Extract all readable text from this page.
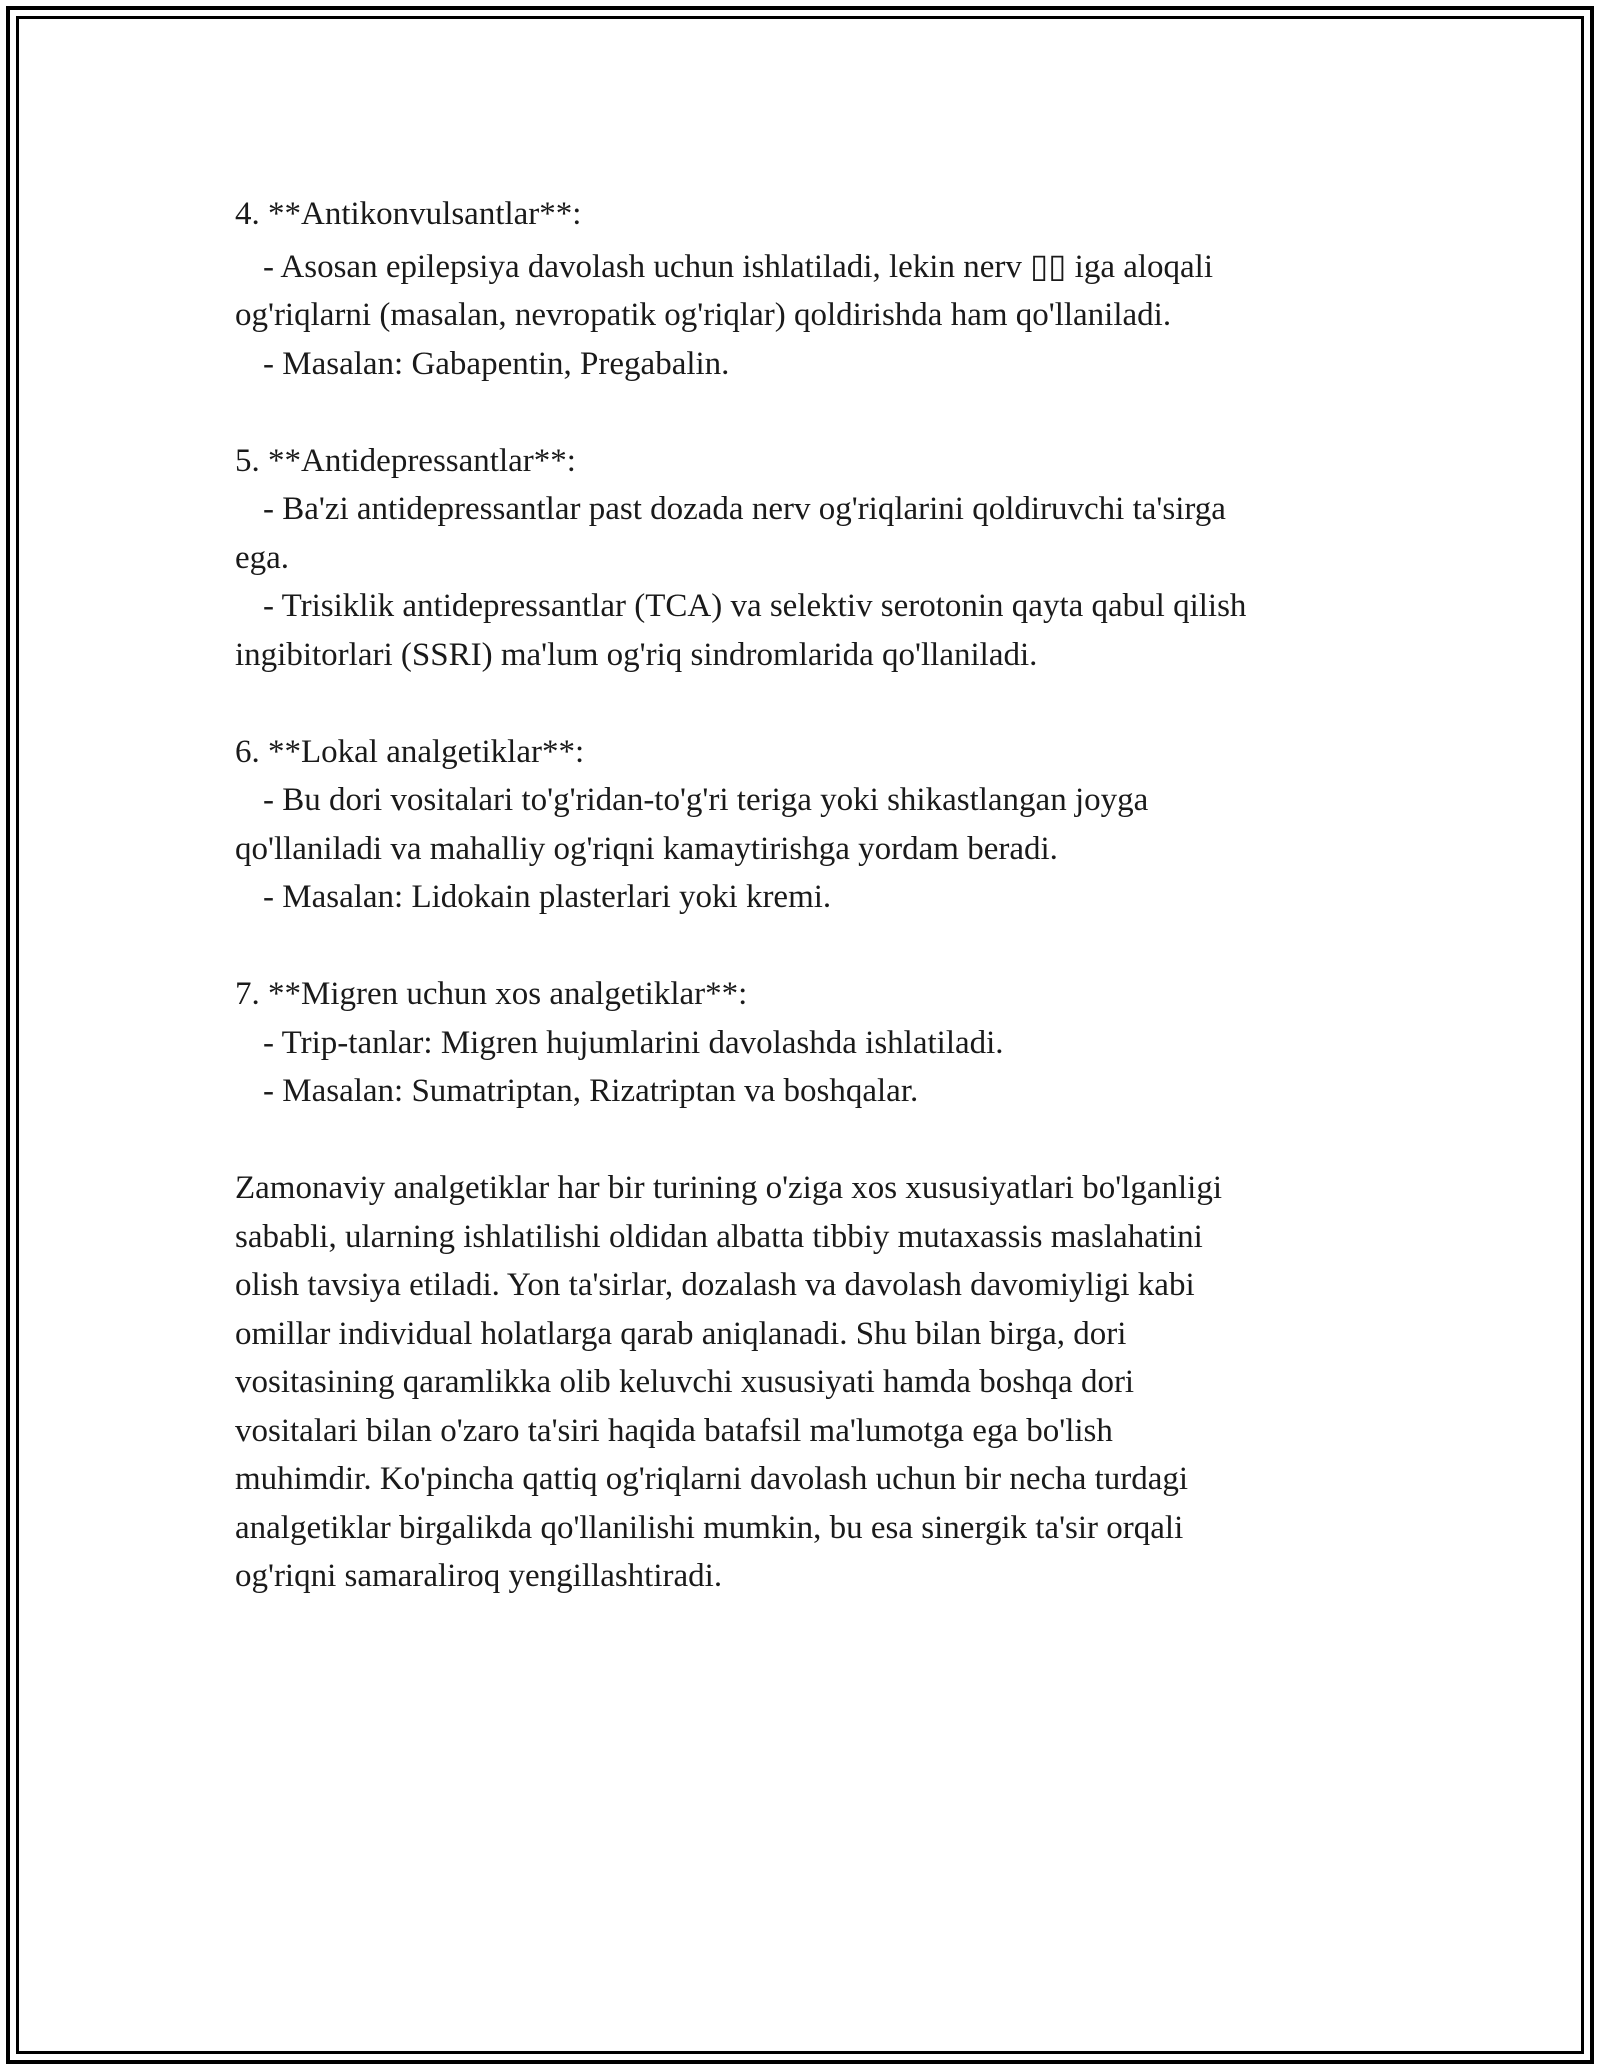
4. **Antikonvulsantlar**:
- Asosan epilepsiya davolash uchun ishlatiladi, lekin nerv ▯▯ iga aloqali
og'riqlarni (masalan, nevropatik og'riqlar) qoldirishda ham qo'llaniladi.
- Masalan: Gabapentin, Pregabalin.
5. **Antidepressantlar**:
- Ba'zi antidepressantlar past dozada nerv og'riqlarini qoldiruvchi ta'sirga
ega.
- Trisiklik antidepressantlar (TCA) va selektiv serotonin qayta qabul qilish
ingibitorlari (SSRI) ma'lum og'riq sindromlarida qo'llaniladi.
6. **Lokal analgetiklar**:
- Bu dori vositalari to'g'ridan-to'g'ri teriga yoki shikastlangan joyga
qo'llaniladi va mahalliy og'riqni kamaytirishga yordam beradi.
- Masalan: Lidokain plasterlari yoki kremi.
7. **Migren uchun xos analgetiklar**:
- Trip-tanlar: Migren hujumlarini davolashda ishlatiladi.
- Masalan: Sumatriptan, Rizatriptan va boshqalar.
Zamonaviy analgetiklar har bir turining o'ziga xos xususiyatlari bo'lganligi
sababli, ularning ishlatilishi oldidan albatta tibbiy mutaxassis maslahatini
olish tavsiya etiladi. Yon ta'sirlar, dozalash va davolash davomiyligi kabi
omillar individual holatlarga qarab aniqlanadi. Shu bilan birga, dori
vositasining qaramlikka olib keluvchi xususiyati hamda boshqa dori
vositalari bilan o'zaro ta'siri haqida batafsil ma'lumotga ega bo'lish
muhimdir. Ko'pincha qattiq og'riqlarni davolash uchun bir necha turdagi
analgetiklar birgalikda qo'llanilishi mumkin, bu esa sinergik ta'sir orqali
og'riqni samaraliroq yengillashtiradi.
